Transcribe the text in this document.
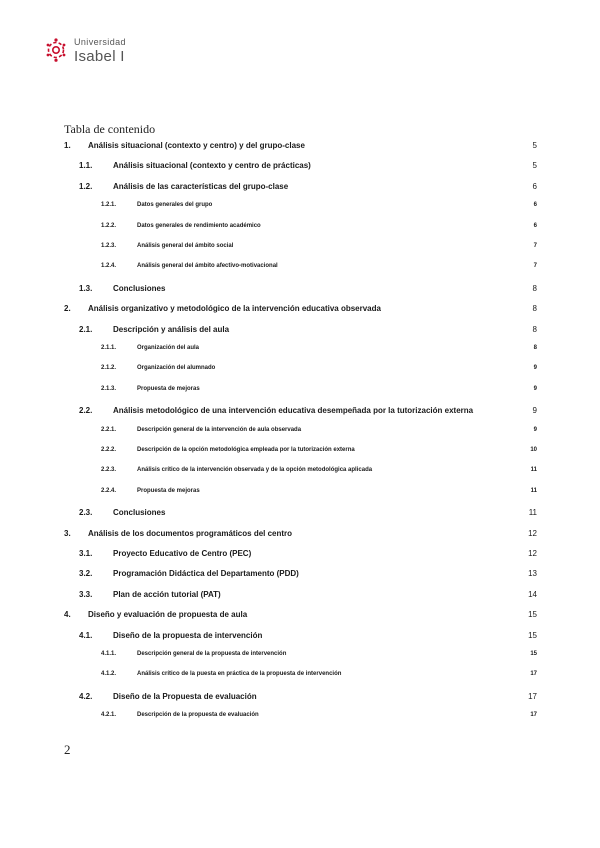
Universidad
Isabel I
Tabla de contenido
1. Análisis situacional (contexto y centro) y del grupo-clase	5
1.1.	Análisis situacional (contexto y centro de prácticas)	5
1.2.	Análisis de las características del grupo-clase	6
1.2.1.	Datos generales del grupo	6
1.2.2.	Datos generales de rendimiento académico	6
1.2.3.	Análisis general del ámbito social	7
1.2.4.	Análisis general del ámbito afectivo-motivacional	7
1.3.	Conclusiones	8
2. Análisis organizativo y metodológico de la intervención educativa observada	8
2.1.	Descripción y análisis del aula	8
2.1.1.	Organización del aula	8
2.1.2.	Organización del alumnado	9
2.1.3.	Propuesta de mejoras	9
2.2.	Análisis metodológico de una intervención educativa desempeñada por la tutorización externa	9
2.2.1.	Descripción general de la intervención de aula observada	9
2.2.2.	Descripción de la opción metodológica empleada por la tutorización externa	10
2.2.3.	Análisis crítico de la intervención observada y de la opción metodológica aplicada	11
2.2.4.	Propuesta de mejoras	11
2.3.	Conclusiones	11
3. Análisis de los documentos programáticos del centro	12
3.1.	Proyecto Educativo de Centro (PEC)	12
3.2.	Programación Didáctica del Departamento (PDD)	13
3.3.	Plan de acción tutorial (PAT)	14
4. Diseño y evaluación de propuesta de aula	15
4.1.	Diseño de la propuesta de intervención	15
4.1.1.	Descripción general de la propuesta de intervención	15
4.1.2.	Análisis crítico de la puesta en práctica de la propuesta de intervención	17
4.2.	Diseño de la Propuesta de evaluación	17
4.2.1.	Descripción de la propuesta de evaluación	17
2
